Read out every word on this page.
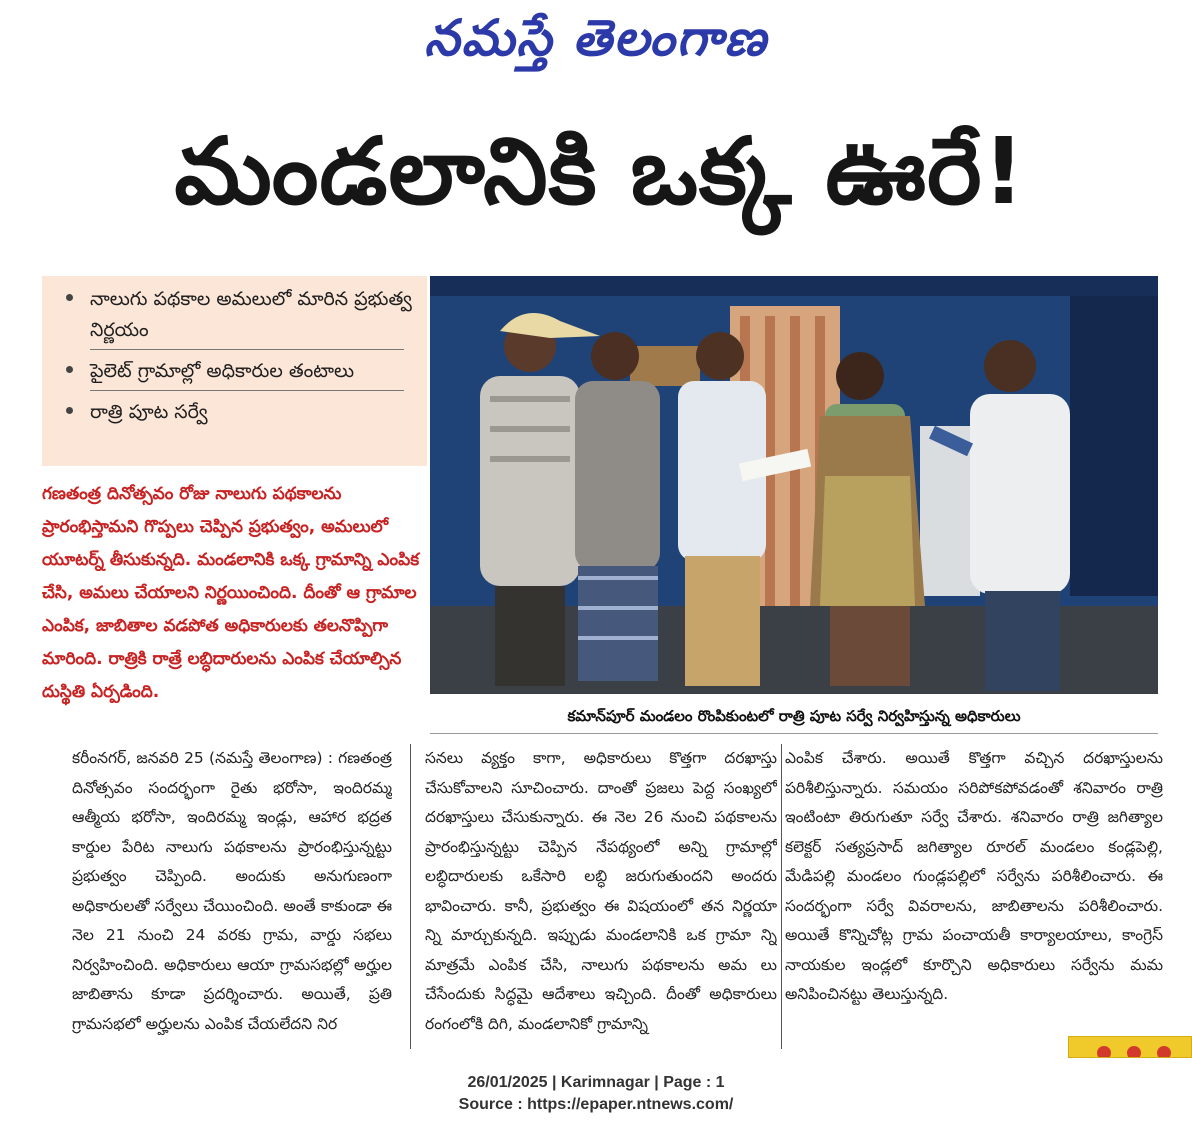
నమస్తే తెలంగాణ
మండలానికి ఒక్క ఊరే!
నాలుగు పథకాల అమలులో మారిన ప్రభుత్వ నిర్ణయం
పైలెట్ గ్రామాల్లో అధికారుల తంటాలు
రాత్రి పూట సర్వే

గణతంత్ర దినోత్సవం రోజు నాలుగు పథకాలను ప్రారంభిస్తామని గొప్పలు చెప్పిన ప్రభుత్వం, అమలులో యూటర్న్ తీసుకున్నది. మండలానికి ఒక్క గ్రామాన్ని ఎంపిక చేసి, అమలు చేయాలని నిర్ణయించింది. దీంతో ఆ గ్రామాల ఎంపిక, జాబితాల వడపోత అధికారులకు తలనొప్పిగా మారింది. రాత్రికి రాత్రే లబ్ధిదారులను ఎంపిక చేయాల్సిన దుస్థితి ఏర్పడింది.

కమాన్‌పూర్ మండలం రొంపికుంటలో రాత్రి పూట సర్వే నిర్వహిస్తున్న అధికారులు

కరీంనగర్, జనవరి 25 (నమస్తే తెలంగాణ) : గణతంత్ర దినోత్సవం సందర్భంగా రైతు భరోసా, ఇందిరమ్మ ఆత్మీయ భరోసా, ఇందిరమ్మ ఇండ్లు, ఆహార భద్రత కార్డుల పేరిట నాలుగు పథకాలను ప్రారంభిస్తున్నట్టు ప్రభుత్వం చెప్పింది. అందుకు అనుగుణంగా అధికారులతో సర్వేలు చేయించింది. అంతే కాకుండా ఈ నెల 21 నుంచి 24 వరకు గ్రామ, వార్డు సభలు నిర్వహించింది. అధికారులు ఆయా గ్రామసభల్లో అర్హుల జాబితాను కూడా ప్రదర్శించారు. అయితే, ప్రతి గ్రామసభలో అర్హులను ఎంపిక చేయలేదని నిర

సనలు వ్యక్తం కాగా, అధికారులు కొత్తగా దరఖాస్తు చేసుకోవాలని సూచించారు. దాంతో ప్రజలు పెద్ద సంఖ్యలో దరఖాస్తులు చేసుకున్నారు. ఈ నెల 26 నుంచి పథకాలను ప్రారంభిస్తున్నట్టు చెప్పిన నేపథ్యంలో అన్ని గ్రామాల్లో లబ్ధిదారులకు ఒకేసారి లబ్ధి జరుగుతుందని అందరు భావించారు. కానీ, ప్రభుత్వం ఈ విషయంలో తన నిర్ణయా న్ని మార్చుకున్నది. ఇప్పుడు మండలానికి ఒక గ్రామా న్ని మాత్రమే ఎంపిక చేసి, నాలుగు పథకాలను అమ లు చేసేందుకు సిద్ధమై ఆదేశాలు ఇచ్చింది. దీంతో అధికారులు రంగంలోకి దిగి, మండలానికో గ్రామాన్ని

ఎంపిక చేశారు. అయితే కొత్తగా వచ్చిన దరఖాస్తులను పరిశీలిస్తున్నారు. సమయం సరిపోకపోవడంతో శనివారం రాత్రి ఇంటింటా తిరుగుతూ సర్వే చేశారు. శనివారం రాత్రి జగిత్యాల కలెక్టర్ సత్యప్రసాద్ జగిత్యాల రూరల్ మండలం కండ్లపెల్లి, మేడిపల్లి మండలం గుండ్లపల్లిలో సర్వేను పరిశీలించారు. ఈ సందర్భంగా సర్వే వివరాలను, జాబితాలను పరిశీలించారు. అయితే కొన్నిచోట్ల గ్రామ పంచాయతీ కార్యాలయాలు, కాంగ్రెస్ నాయకుల ఇండ్లలో కూర్చొని అధికారులు సర్వేను మమ అనిపించినట్టు తెలుస్తున్నది.

26/01/2025 | Karimnagar | Page : 1
Source : https://epaper.ntnews.com/
